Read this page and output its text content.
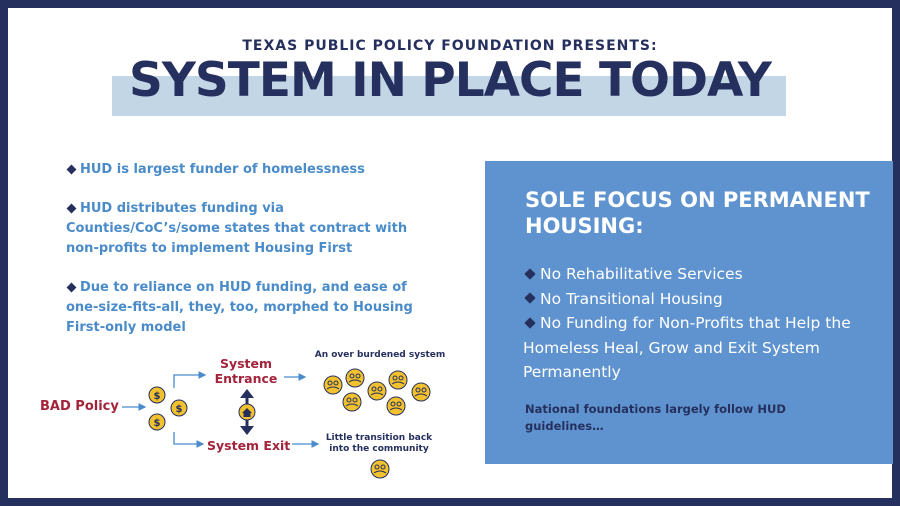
TEXAS PUBLIC POLICY FOUNDATION PRESENTS:
SYSTEM IN PLACE TODAY
HUD is largest funder of homelessness
HUD distributes funding via Counties/CoC’s/some states that contract with non-profits to implement Housing First
Due to reliance on HUD funding, and ease of one-size-fits-all, they, too, morphed to Housing First-only model
SOLE FOCUS ON PERMANENT HOUSING:
No Rehabilitative Services
No Transitional Housing
No Funding for Non-Profits that Help the Homeless Heal, Grow and Exit System Permanently
National foundations largely follow HUD guidelines…
$
$
$
BAD Policy
System Entrance
System Exit
An over burdened system
Little transition back into the community
